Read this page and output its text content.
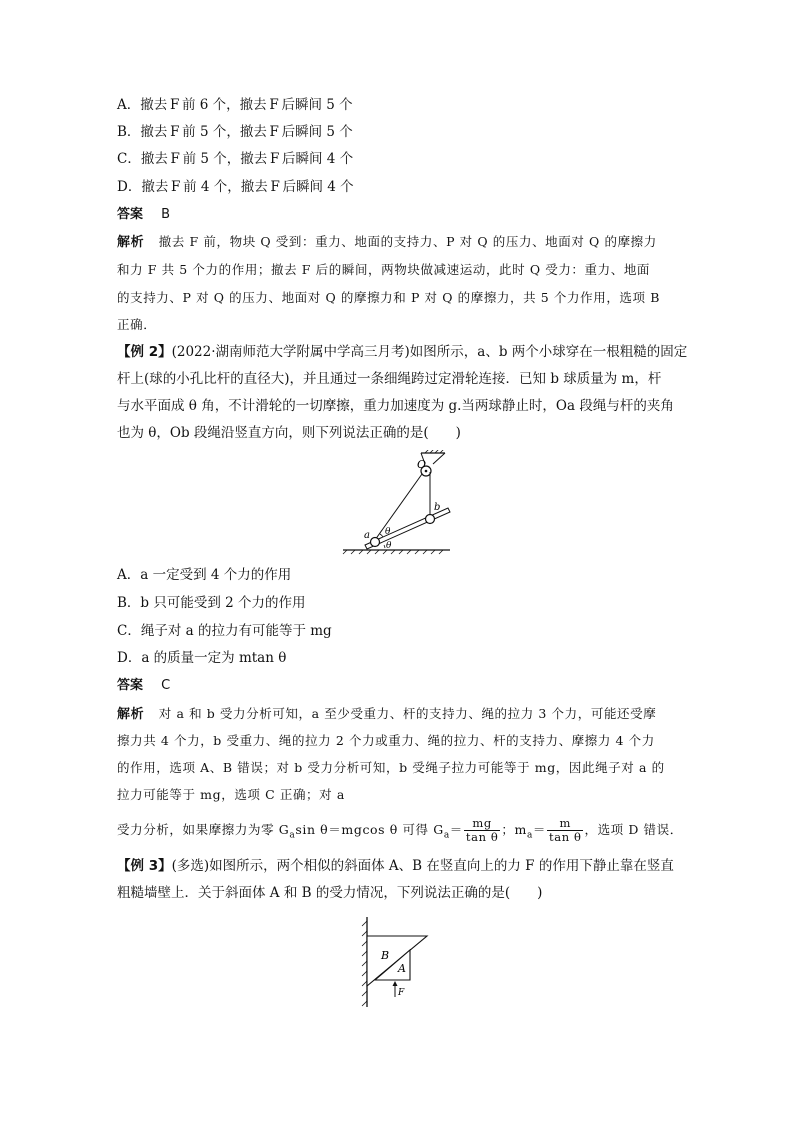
A．撤去 F 前 6 个，撤去 F 后瞬间 5 个
B．撤去 F 前 5 个，撤去 F 后瞬间 5 个
C．撤去 F 前 5 个，撤去 F 后瞬间 4 个
D．撤去 F 前 4 个，撤去 F 后瞬间 4 个
答案 B
解析 撤去 F 前，物块 Q 受到：重力、地面的支持力、P 对 Q 的压力、地面对 Q 的摩擦力
和力 F 共 5 个力的作用；撤去 F 后的瞬间，两物块做减速运动，此时 Q 受力：重力、地面
的支持力、P 对 Q 的压力、地面对 Q 的摩擦力和 P 对 Q 的摩擦力，共 5 个力作用，选项 B
正确．
【例 2】(2022·湖南师范大学附属中学高三月考)如图所示，a、b 两个小球穿在一根粗糙的固定
杆上(球的小孔比杆的直径大)，并且通过一条细绳跨过定滑轮连接．已知 b 球质量为 m，杆
与水平面成 θ 角，不计滑轮的一切摩擦，重力加速度为 g.当两球静止时，Oa 段绳与杆的夹角
也为 θ，Ob 段绳沿竖直方向，则下列说法正确的是(　　)
O
a
b
θ
θ
A．a 一定受到 4 个力的作用
B．b 只可能受到 2 个力的作用
C．绳子对 a 的拉力有可能等于 mg
D．a 的质量一定为 mtan θ
答案 C
解析 对 a 和 b 受力分析可知，a 至少受重力、杆的支持力、绳的拉力 3 个力，可能还受摩
擦力共 4 个力，b 受重力、绳的拉力 2 个力或重力、绳的拉力、杆的支持力、摩擦力 4 个力
的作用，选项 A、B 错误；对 b 受力分析可知，b 受绳子拉力可能等于 mg，因此绳子对 a 的
拉力可能等于 mg，选项 C 正确；对 a
受力分析，如果摩擦力为零 $G_a\sin$ θ＝mgcos θ 可得 $G_a= \frac{mg}{\text{tan θ}}$ ；$m_a= \frac{m}{\text{tan θ}}$ ，选项 D 错误．
【例 3】(多选)如图所示，两个相似的斜面体 A、B 在竖直向上的力 F 的作用下静止靠在竖直
粗糙墙壁上．关于斜面体 A 和 B 的受力情况，下列说法正确的是(　　)
B
A
F
